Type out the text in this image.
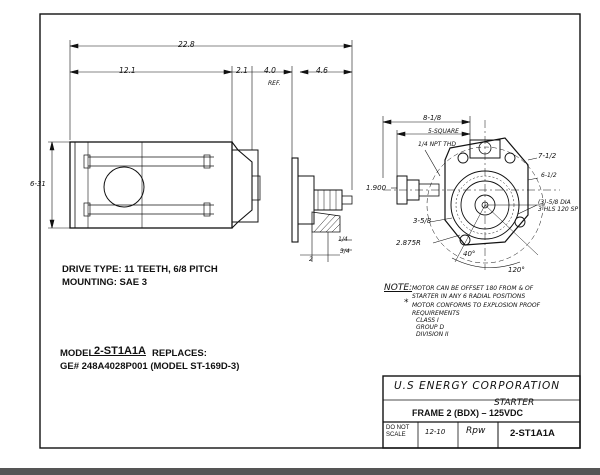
22.8
12.1	2.1 4.0
REF.
4.6
6-31	1.900
8-1/8
5-SQUARE
1/4 NPT THD
7-1/2
6-1/2
(3)-5/8 DIA
3 HLS 120 SP
3-5/8
2.875R
40°
120°
1/4
3/4
2
DRIVE TYPE: 11 TEETH, 6/8 PITCH
MOUNTING: SAE 3	NOTE: MOTOR CAN BE OFFSET 180 FROM & OF
STARTER IN ANY 6 RADIAL POSITIONS
* MOTOR CONFORMS TO EXPLOSION PROOF
REQUIREMENTS
CLASS I
GROUP D
DIVISION II
MODEL 2-ST1A1A REPLACES:
GE# 248A4028P001 (MODEL ST-169D-3)
U.S ENERGY CORPORATION
STARTER
FRAME 2 (BDX) – 125VDC
DO NOT
SCALE	12-10 Rpw	2-ST1A1A
